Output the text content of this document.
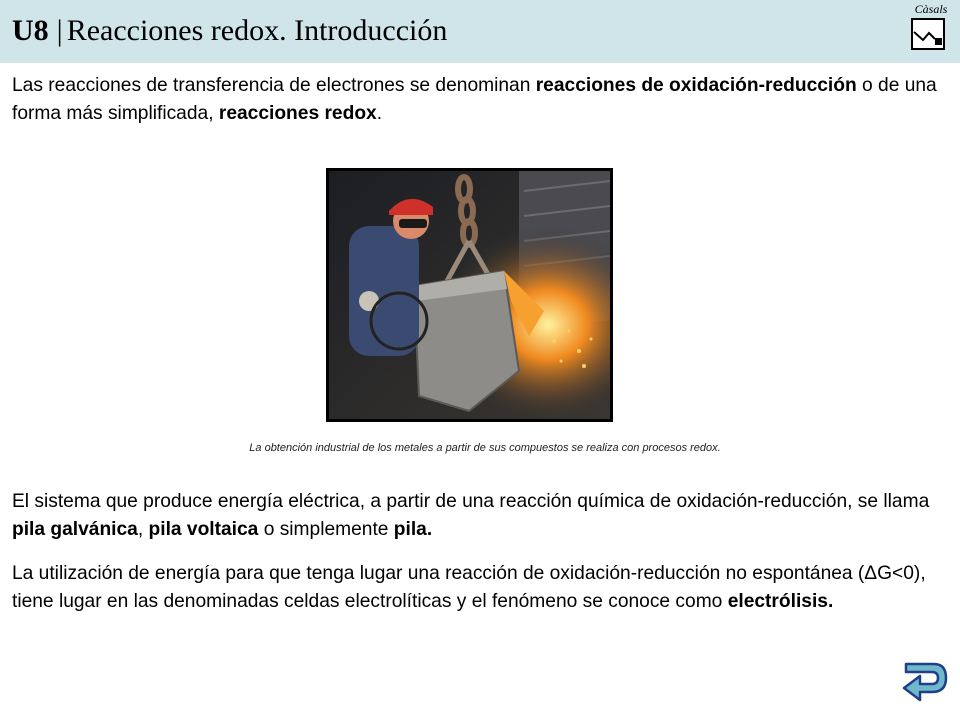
U8 | Reacciones redox. Introducción
Càsals

Las reacciones de transferencia de electrones se denominan reacciones de oxidación-reducción o de una forma más simplificada, reacciones redox.

La obtención industrial de los metales a partir de sus compuestos se realiza con procesos redox.

El sistema que produce energía eléctrica, a partir de una reacción química de oxidación-reducción, se llama pila galvánica, pila voltaica o simplemente pila.

La utilización de energía para que tenga lugar una reacción de oxidación-reducción no espontánea (ΔG<0), tiene lugar en las denominadas celdas electrolíticas y el fenómeno se conoce como electrólisis.
